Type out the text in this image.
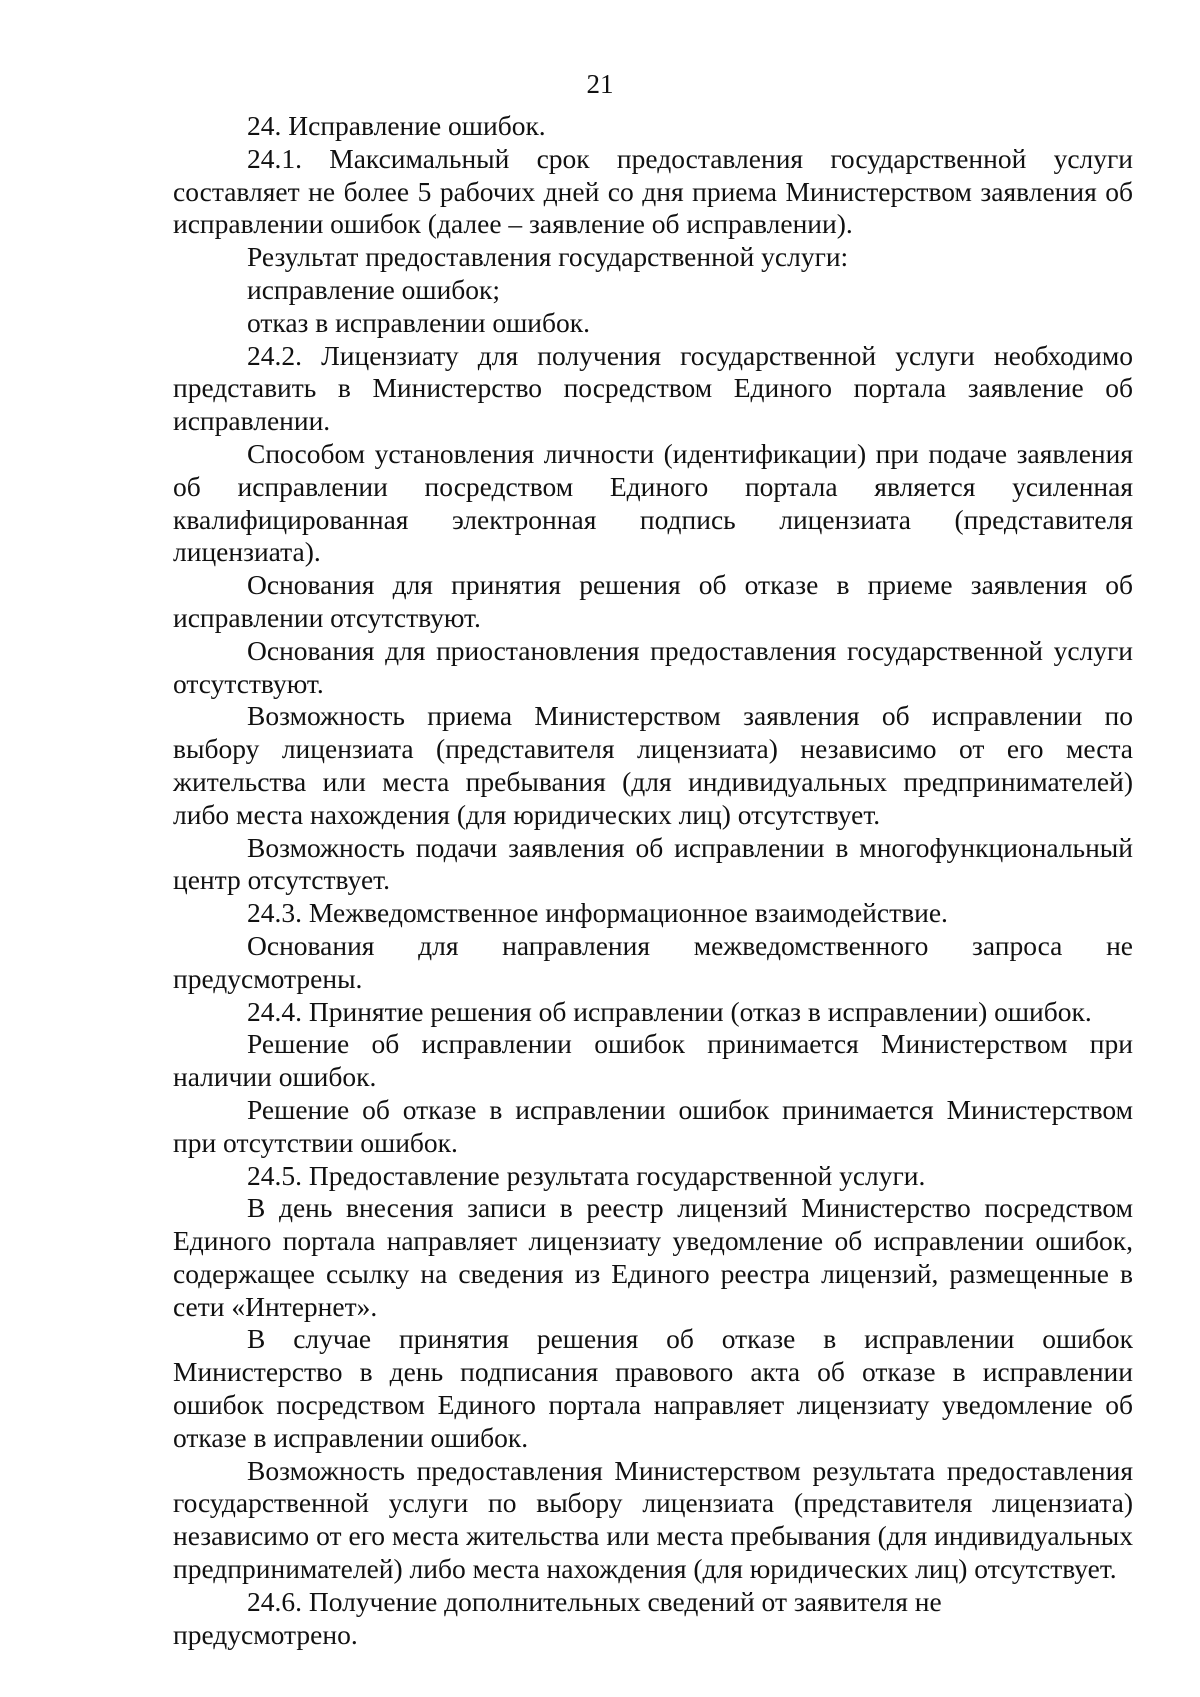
21

24. Исправление ошибок.

24.1. Максимальный срок предоставления государственной услуги составляет не более 5 рабочих дней со дня приема Министерством заявления об исправлении ошибок (далее – заявление об исправлении).

Результат предоставления государственной услуги:

исправление ошибок;

отказ в исправлении ошибок.

24.2. Лицензиату для получения государственной услуги необходимо представить в Министерство посредством Единого портала заявление об исправлении.

Способом установления личности (идентификации) при подаче заявления об исправлении посредством Единого портала является усиленная квалифицированная электронная подпись лицензиата (представителя лицензиата).

Основания для принятия решения об отказе в приеме заявления об исправлении отсутствуют.

Основания для приостановления предоставления государственной услуги отсутствуют.

Возможность приема Министерством заявления об исправлении по выбору лицензиата (представителя лицензиата) независимо от его места жительства или места пребывания (для индивидуальных предпринимателей) либо места нахождения (для юридических лиц) отсутствует.

Возможность подачи заявления об исправлении в многофункциональный центр отсутствует.

24.3. Межведомственное информационное взаимодействие.

Основания для направления межведомственного запроса не предусмотрены.

24.4. Принятие решения об исправлении (отказ в исправлении) ошибок.

Решение об исправлении ошибок принимается Министерством при наличии ошибок.

Решение об отказе в исправлении ошибок принимается Министерством при отсутствии ошибок.

24.5. Предоставление результата государственной услуги.

В день внесения записи в реестр лицензий Министерство посредством Единого портала направляет лицензиату уведомление об исправлении ошибок, содержащее ссылку на сведения из Единого реестра лицензий, размещенные в сети «Интернет».

В случае принятия решения об отказе в исправлении ошибок Министерство в день подписания правового акта об отказе в исправлении ошибок посредством Единого портала направляет лицензиату уведомление об отказе в исправлении ошибок.

Возможность предоставления Министерством результата предоставления государственной услуги по выбору лицензиата (представителя лицензиата) независимо от его места жительства или места пребывания (для индивидуальных предпринимателей) либо места нахождения (для юридических лиц) отсутствует.

24.6. Получение дополнительных сведений от заявителя не предусмотрено.
